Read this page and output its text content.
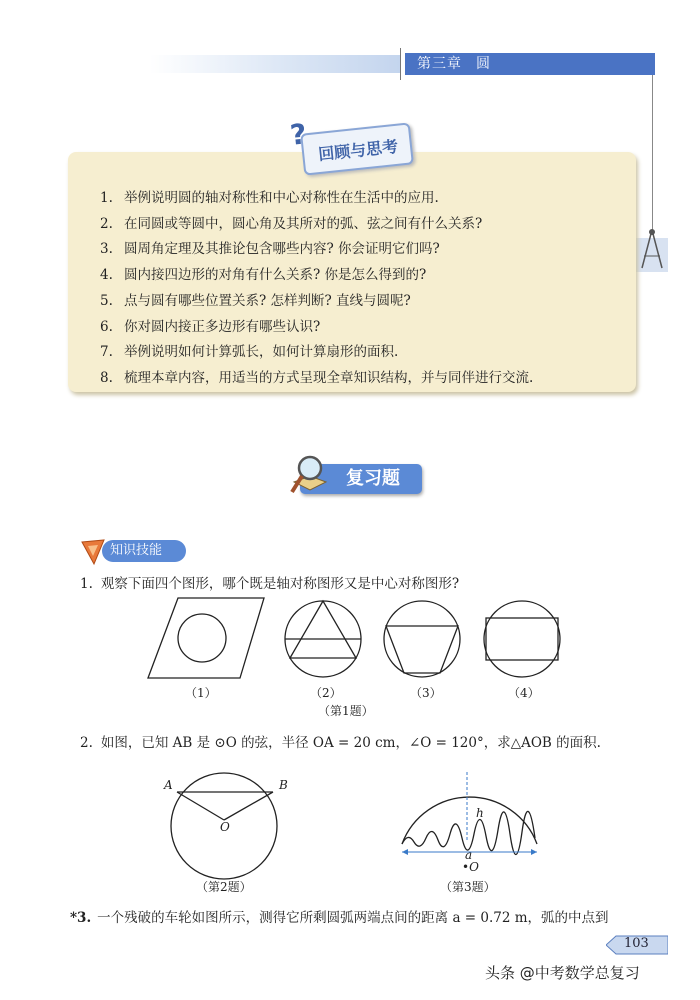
第三章 圆
? 回顾与思考
1. 举例说明圆的轴对称性和中心对称性在生活中的应用.
2. 在同圆或等圆中，圆心角及其所对的弧、弦之间有什么关系?
3. 圆周角定理及其推论包含哪些内容? 你会证明它们吗?
4. 圆内接四边形的对角有什么关系? 你是怎么得到的?
5. 点与圆有哪些位置关系? 怎样判断? 直线与圆呢?
6. 你对圆内接正多边形有哪些认识?
7. 举例说明如何计算弧长，如何计算扇形的面积.
8. 梳理本章内容，用适当的方式呈现全章知识结构，并与同伴进行交流.
复习题
知识技能
1. 观察下面四个图形，哪个既是轴对称图形又是中心对称图形?
（1）	（2）	（3）	（4）
（第1题）
2. 如图，已知 AB 是 ⊙O 的弦，半径 OA = 20 cm，∠O = 120°，求△AOB 的面积.
A	B
O
（第2题）
h
a
•O
（第3题）
*3. 一个残破的车轮如图所示，测得它所剩圆弧两端点间的距离 a = 0.72 m，弧的中点到
103
头条 @中考数学总复习
